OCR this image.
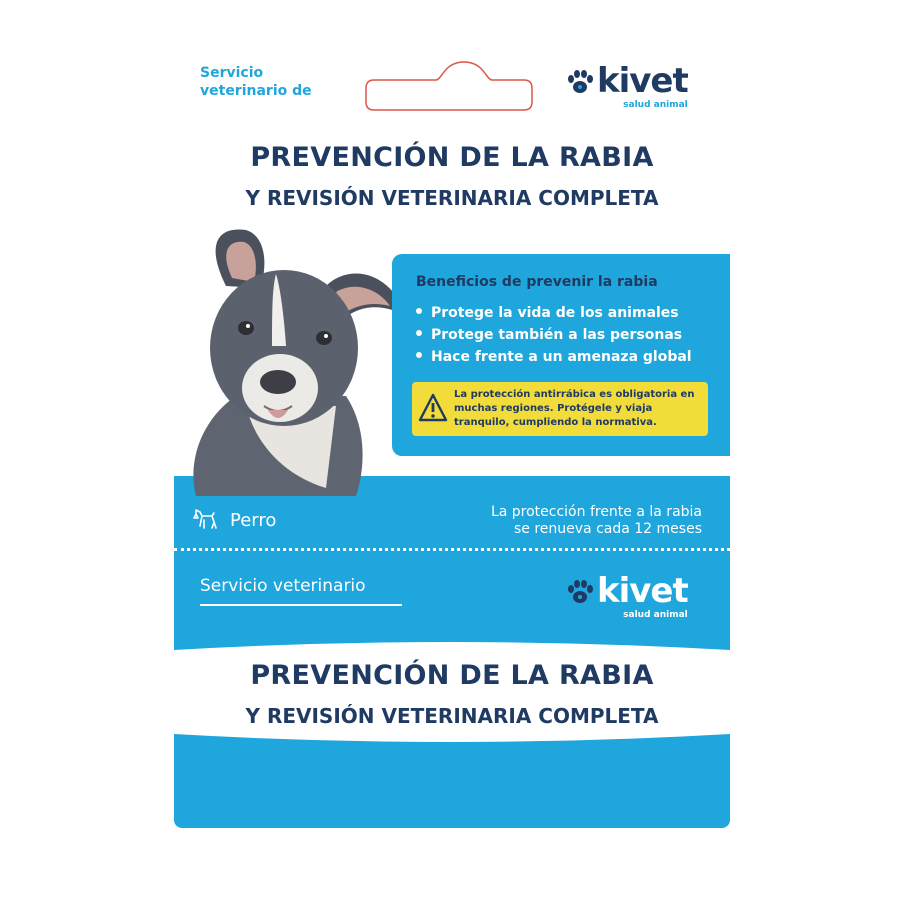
Servicio veterinario de	kivet
salud animal
PREVENCIÓN DE LA RABIA
Y REVISIÓN VETERINARIA COMPLETA
Beneficios de prevenir la rabia
Protege la vida de los animales
Protege también a las personas
Hace frente a un amenaza global

La protección antirrábica es obligatoria en muchas regiones. Protégele y viaja tranquilo, cumpliendo la normativa.

Perro	La protección frente a la rabia
se renueva cada 12 meses
Servicio veterinario	kivet
salud animal
PREVENCIÓN DE LA RABIA
Y REVISIÓN VETERINARIA COMPLETA
